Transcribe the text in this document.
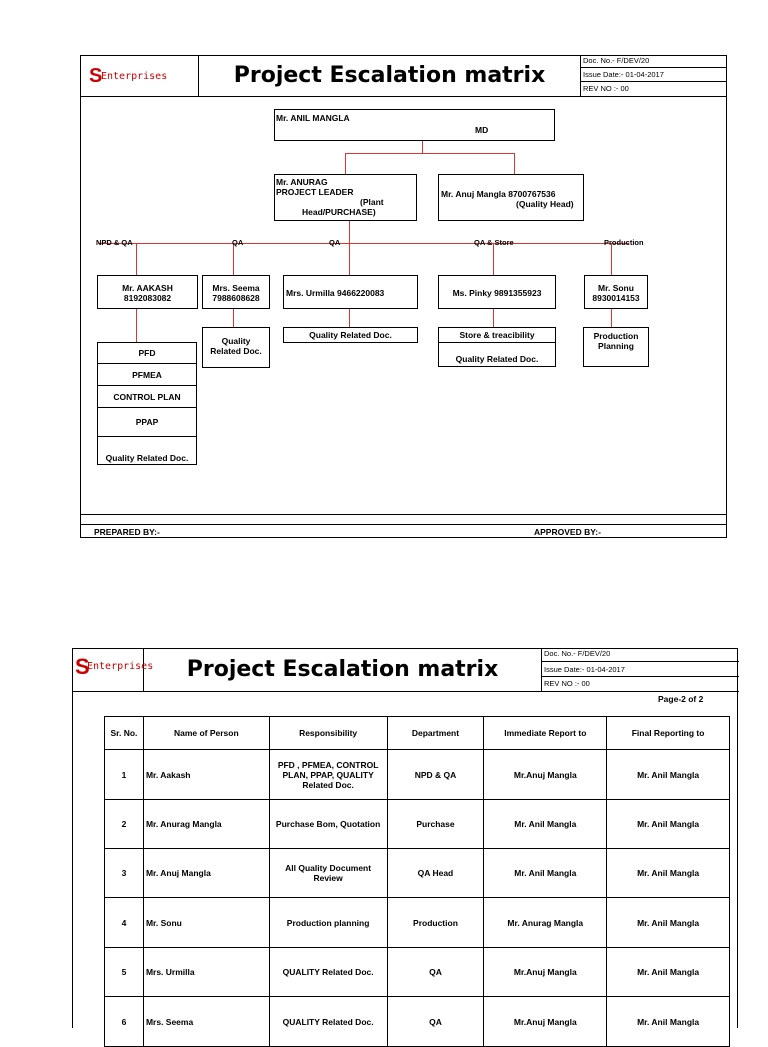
S
Enterprises	Project Escalation matrix
Doc. No.- F/DEV/20
Issue Date:- 01-04-2017
REV NO :- 00
Mr. ANIL MANGLA
MD
Mr. ANURAG
PROJECT LEADER
(Plant
Head/PURCHASE)
Mr. Anuj Mangla 8700767536
(Quality Head)
NPD & QA	QA	QA	QA & Store	Production
Mr. AAKASH
8192083082
Mrs. Seema
7988608628	Mrs. Urmilla 9466220083	Ms. Pinky 9891355923	Mr. Sonu
8930014153
PFD
PFMEA
CONTROL PLAN
PPAP
Quality Related Doc.
Quality
Related Doc.
Quality Related Doc.	Store & treacibility
Quality Related Doc.
Production
Planning
PREPARED BY:-	APPROVED BY:-
S
Enterprises	Project Escalation matrix
Doc. No.- F/DEV/20
Issue Date:- 01-04-2017
REV NO :- 00
Page-2 of 2
Sr. No.	Name of Person	Responsibility	Department	Immediate Report to	Final Reporting to
1	Mr. Aakash	PFD , PFMEA, CONTROL PLAN, PPAP, QUALITY Related Doc.	NPD & QA	Mr.Anuj Mangla	Mr. Anil Mangla
2	Mr. Anurag Mangla	Purchase Bom, Quotation	Purchase	Mr. Anil Mangla	Mr. Anil Mangla
3	Mr. Anuj Mangla	All Quality Document Review	QA Head	Mr. Anil Mangla	Mr. Anil Mangla
4	Mr. Sonu	Production planning	Production	Mr. Anurag Mangla	Mr. Anil Mangla
5	Mrs. Urmilla	QUALITY Related Doc.	QA	Mr.Anuj Mangla	Mr. Anil Mangla
6	Mrs. Seema	QUALITY Related Doc.	QA	Mr.Anuj Mangla	Mr. Anil Mangla
